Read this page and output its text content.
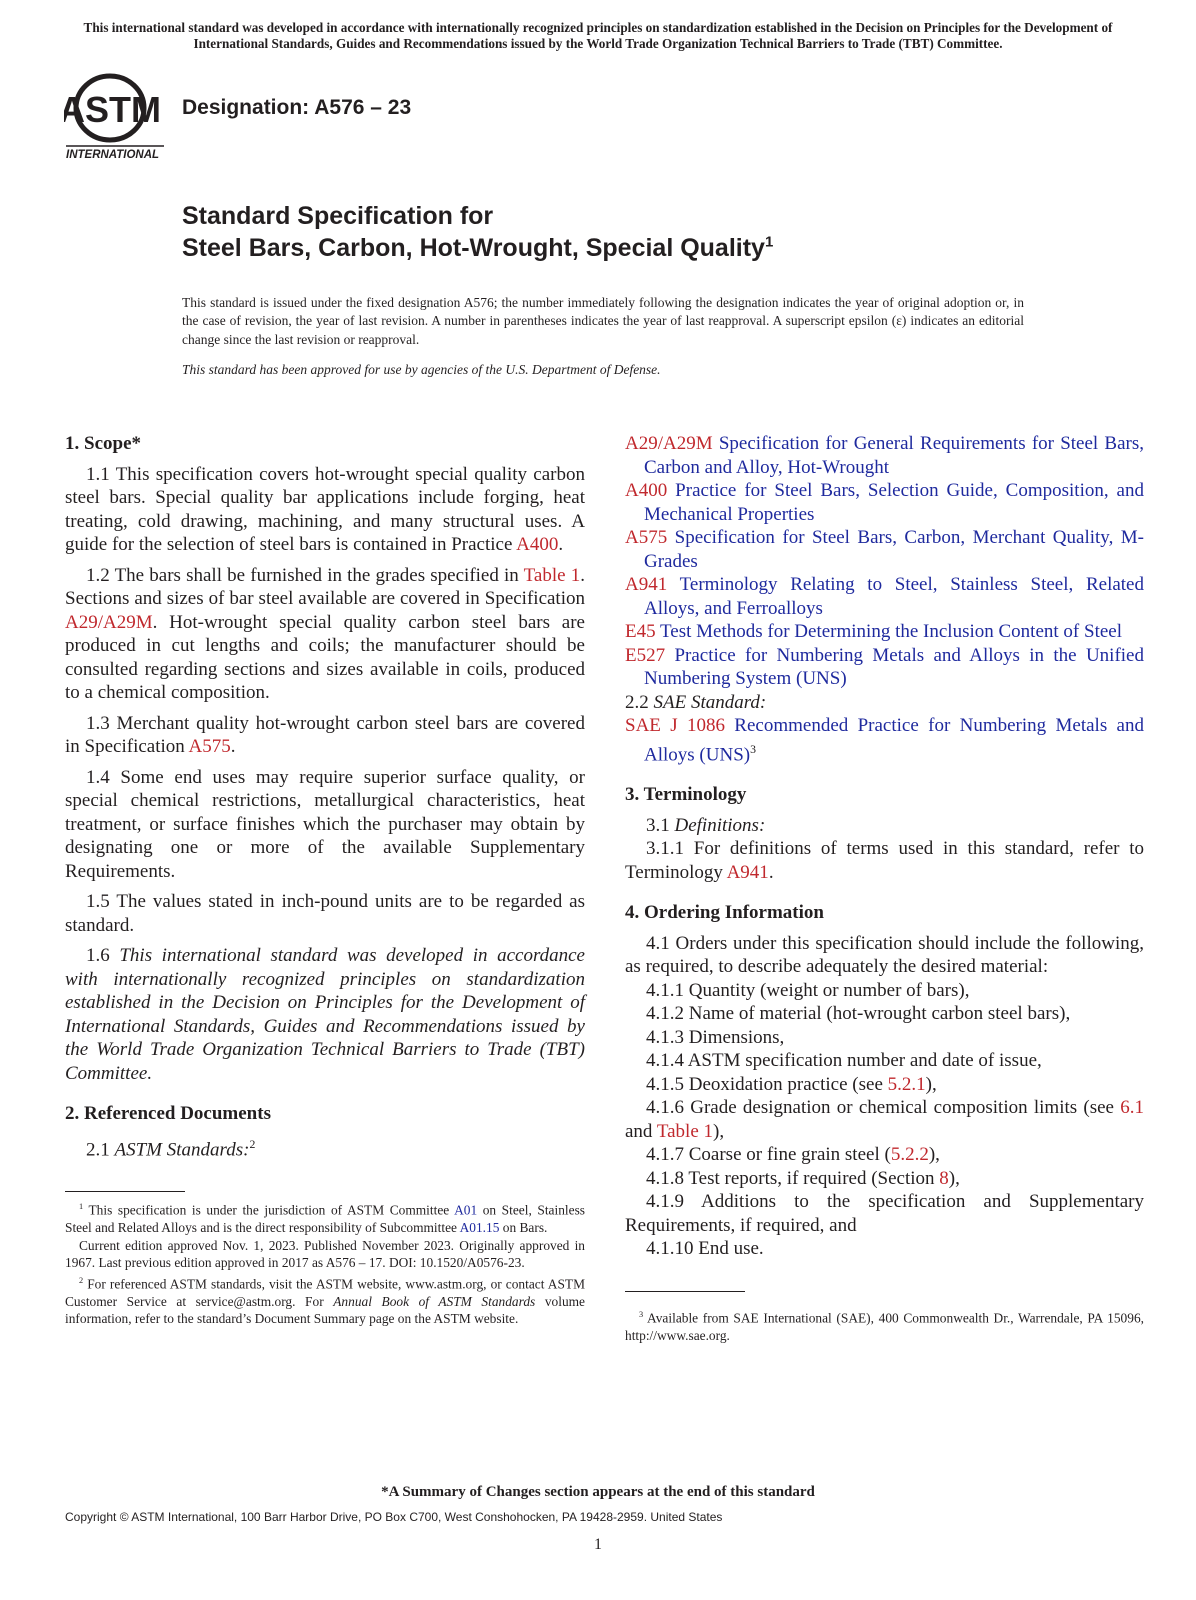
This international standard was developed in accordance with internationally recognized principles on standardization established in the Decision on Principles for the Development of International Standards, Guides and Recommendations issued by the World Trade Organization Technical Barriers to Trade (TBT) Committee.
ASTM
INTERNATIONAL
Designation: A576 – 23
Standard Specification for
Steel Bars, Carbon, Hot-Wrought, Special Quality$^1$
This standard is issued under the fixed designation A576; the number immediately following the designation indicates the year of original adoption or, in the case of revision, the year of last revision. A number in parentheses indicates the year of last reapproval. A superscript epsilon (ε) indicates an editorial change since the last revision or reapproval.
This standard has been approved for use by agencies of the U.S. Department of Defense.
1. Scope*

1.1 This specification covers hot-wrought special quality carbon steel bars. Special quality bar applications include forging, heat treating, cold drawing, machining, and many structural uses. A guide for the selection of steel bars is contained in Practice A400.

1.2 The bars shall be furnished in the grades specified in Table 1. Sections and sizes of bar steel available are covered in Specification A29/A29M. Hot-wrought special quality carbon steel bars are produced in cut lengths and coils; the manufacturer should be consulted regarding sections and sizes available in coils, produced to a chemical composition.

1.3 Merchant quality hot-wrought carbon steel bars are covered in Specification A575.

1.4 Some end uses may require superior surface quality, or special chemical restrictions, metallurgical characteristics, heat treatment, or surface finishes which the purchaser may obtain by designating one or more of the available Supplementary Requirements.

1.5 The values stated in inch-pound units are to be regarded as standard.

1.6 This international standard was developed in accordance with internationally recognized principles on standardization established in the Decision on Principles for the Development of International Standards, Guides and Recommendations issued by the World Trade Organization Technical Barriers to Trade (TBT) Committee.

2. Referenced Documents

2.1 ASTM Standards:$^2$

$^1$ This specification is under the jurisdiction of ASTM Committee A01 on Steel, Stainless Steel and Related Alloys and is the direct responsibility of Subcommittee A01.15 on Bars.

Current edition approved Nov. 1, 2023. Published November 2023. Originally approved in 1967. Last previous edition approved in 2017 as A576 – 17. DOI: 10.1520/A0576-23.

$^2$ For referenced ASTM standards, visit the ASTM website, www.astm.org, or contact ASTM Customer Service at service@astm.org. For Annual Book of ASTM Standards volume information, refer to the standard’s Document Summary page on the ASTM website.

A29/A29M Specification for General Requirements for Steel Bars, Carbon and Alloy, Hot-Wrought

A400 Practice for Steel Bars, Selection Guide, Composition, and Mechanical Properties

A575 Specification for Steel Bars, Carbon, Merchant Quality, M-Grades

A941 Terminology Relating to Steel, Stainless Steel, Related Alloys, and Ferroalloys

E45 Test Methods for Determining the Inclusion Content of Steel

E527 Practice for Numbering Metals and Alloys in the Unified Numbering System (UNS)

2.2 SAE Standard:

SAE J 1086 Recommended Practice for Numbering Metals and Alloys (UNS)$^3$

3. Terminology

3.1 Definitions:

3.1.1 For definitions of terms used in this standard, refer to Terminology A941.

4. Ordering Information

4.1 Orders under this specification should include the following, as required, to describe adequately the desired material:

4.1.1 Quantity (weight or number of bars),

4.1.2 Name of material (hot-wrought carbon steel bars),

4.1.3 Dimensions,

4.1.4 ASTM specification number and date of issue,

4.1.5 Deoxidation practice (see 5.2.1),

4.1.6 Grade designation or chemical composition limits (see 6.1 and Table 1),

4.1.7 Coarse or fine grain steel (5.2.2),

4.1.8 Test reports, if required (Section 8),

4.1.9 Additions to the specification and Supplementary Requirements, if required, and

4.1.10 End use.

$^3$ Available from SAE International (SAE), 400 Commonwealth Dr., Warrendale, PA 15096, http://www.sae.org.

*A Summary of Changes section appears at the end of this standard
Copyright © ASTM International, 100 Barr Harbor Drive, PO Box C700, West Conshohocken, PA 19428-2959. United States
1
